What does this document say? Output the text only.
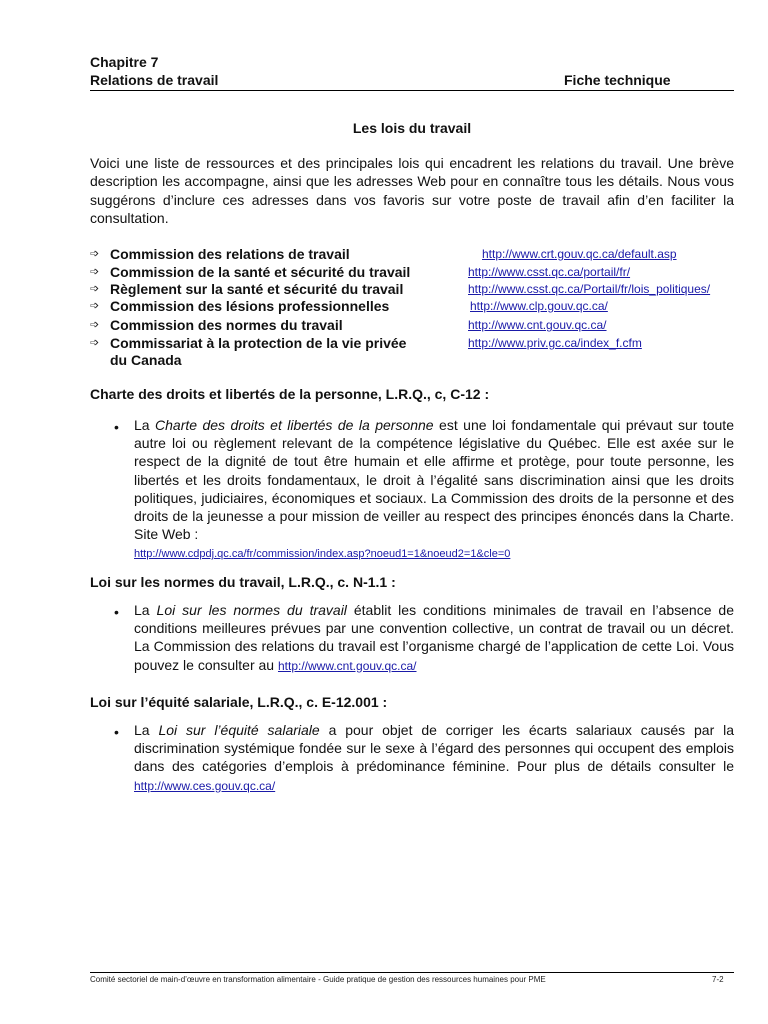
Chapitre 7
Relations de travail	Fiche technique
Les lois du travail
Voici une liste de ressources et des principales lois qui encadrent les relations du travail. Une brève description les accompagne, ainsi que les adresses Web pour en connaître tous les détails. Nous vous suggérons d’inclure ces adresses dans vos favoris sur votre poste de travail afin d’en faciliter la consultation.
➩ Commission des relations de travail	http://www.crt.gouv.qc.ca/default.asp
➩ Commission de la santé et sécurité du travail	http://www.csst.qc.ca/portail/fr/
➩ Règlement sur la santé et sécurité du travail	http://www.csst.qc.ca/Portail/fr/lois_politiques/
➩ Commission des lésions professionnelles	http://www.clp.gouv.qc.ca/
➩ Commission des normes du travail	http://www.cnt.gouv.qc.ca/
➩ Commissariat à la protection de la vie privée	http://www.priv.gc.ca/index_f.cfm
du Canada
Charte des droits et libertés de la personne, L.R.Q., c, C-12 :
• La Charte des droits et libertés de la personne est une loi fondamentale qui prévaut sur toute autre loi ou règlement relevant de la compétence législative du Québec. Elle est axée sur le respect de la dignité de tout être humain et elle affirme et protège, pour toute personne, les libertés et les droits fondamentaux, le droit à l’égalité sans discrimination ainsi que les droits politiques, judiciaires, économiques et sociaux. La Commission des droits de la personne et des droits de la jeunesse a pour mission de veiller au respect des principes énoncés dans la Charte. Site Web :
http://www.cdpdj.qc.ca/fr/commission/index.asp?noeud1=1&noeud2=1&cle=0
Loi sur les normes du travail, L.R.Q., c. N-1.1 :
• La Loi sur les normes du travail établit les conditions minimales de travail en l’absence de conditions meilleures prévues par une convention collective, un contrat de travail ou un décret. La Commission des relations du travail est l’organisme chargé de l’application de cette Loi. Vous pouvez le consulter au http://www.cnt.gouv.qc.ca/
Loi sur l’équité salariale, L.R.Q., c. E-12.001 :
• La Loi sur l’équité salariale a pour objet de corriger les écarts salariaux causés par la discrimination systémique fondée sur le sexe à l’égard des personnes qui occupent des emplois dans des catégories d’emplois à prédominance féminine. Pour plus de détails consulter le http://www.ces.gouv.qc.ca/
Comité sectoriel de main-d’œuvre en transformation alimentaire - Guide pratique de gestion des ressources humaines pour PME	7-2
